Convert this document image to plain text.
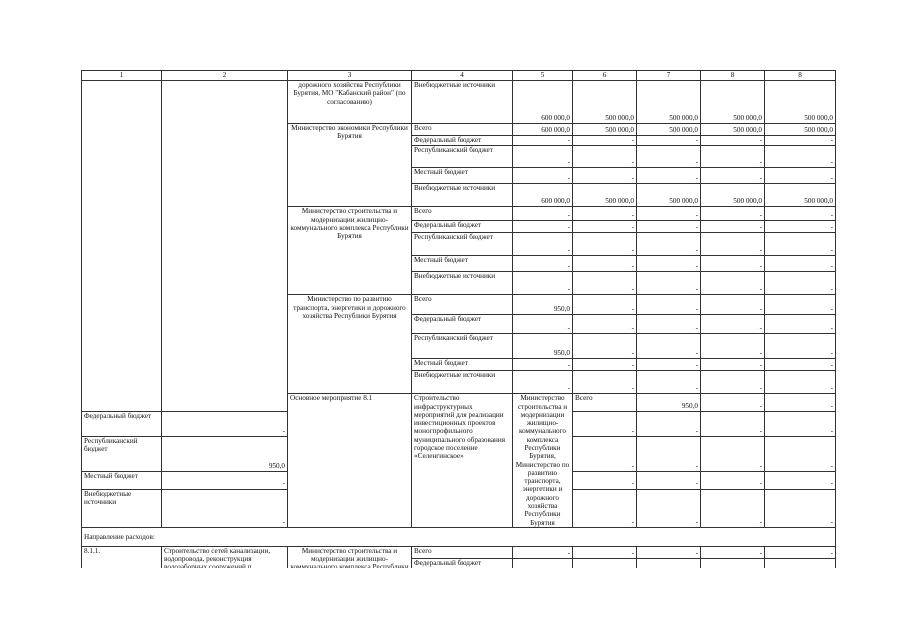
1	2	3	4	5	6	7	8	8	
		дорожного хозяйства Республики Бурятия, МО "Кабанский район" (по согласованию)	Внебюджетные источники	600 000,0	500 000,0	500 000,0	500 000,0	500 000,0	
		Министерство экономики Республики Бурятия	Всего	600 000,0	500 000,0	500 000,0	500 000,0	500 000,0	
			Федеральный бюджет	-	-	-	-	-	
			Республиканский бюджет	-	-	-	-	-	
			Местный бюджет	-	-	-	-	-	
			Внебюджетные источники	600 000,0	500 000,0	500 000,0	500 000,0	500 000,0	
		Министерство строительства и модернизации жилищно-коммунального комплекса Республики Бурятия	Всего	-	-	-	-	-	
			Федеральный бюджет	-	-	-	-	-	
			Республиканский бюджет	-	-	-	-	-	
			Местный бюджет	-	-	-	-	-	
			Внебюджетные источники	-	-	-	-	-	
		Министерство по развитию транспорта, энергетики и дорожного хозяйства Республики Бурятия	Всего	950,0	-	-	-	-	
			Федеральный бюджет	-	-	-	-	-	
			Республиканский бюджет	950,0	-	-	-	-	
			Местный бюджет	-	-	-	-	-	
			Внебюджетные источники	-	-	-	-	-	
		Основное мероприятие 8.1	Строительство инфраструктурных мероприятий для реализации инвестиционных проектов моногпрофильного муниципального образования городское поселение «Селенгинское»	Министерство строительства и модернизации жилищно-коммунального комплекса Республики Бурятия, Министерство по развитию транспорта, энергетики и дорожного хозяйства Республики Бурятия	Всего	950,0	-	-		
Федеральный бюджет	-				-	-	-	-	
Республиканский бюджет	950,0				-	-	-	-	
Местный бюджет	-				-	-	-	-	
Внебюджетные источники	-				-	-	-	-	
Направление расходов:									
8.1.1.	Строительство сетей канализации, водопровода, реконструкция	Министерство строительства и модернизации жилищно-	Всего	-	-	-	-	-	
			Федеральный бюджет					
